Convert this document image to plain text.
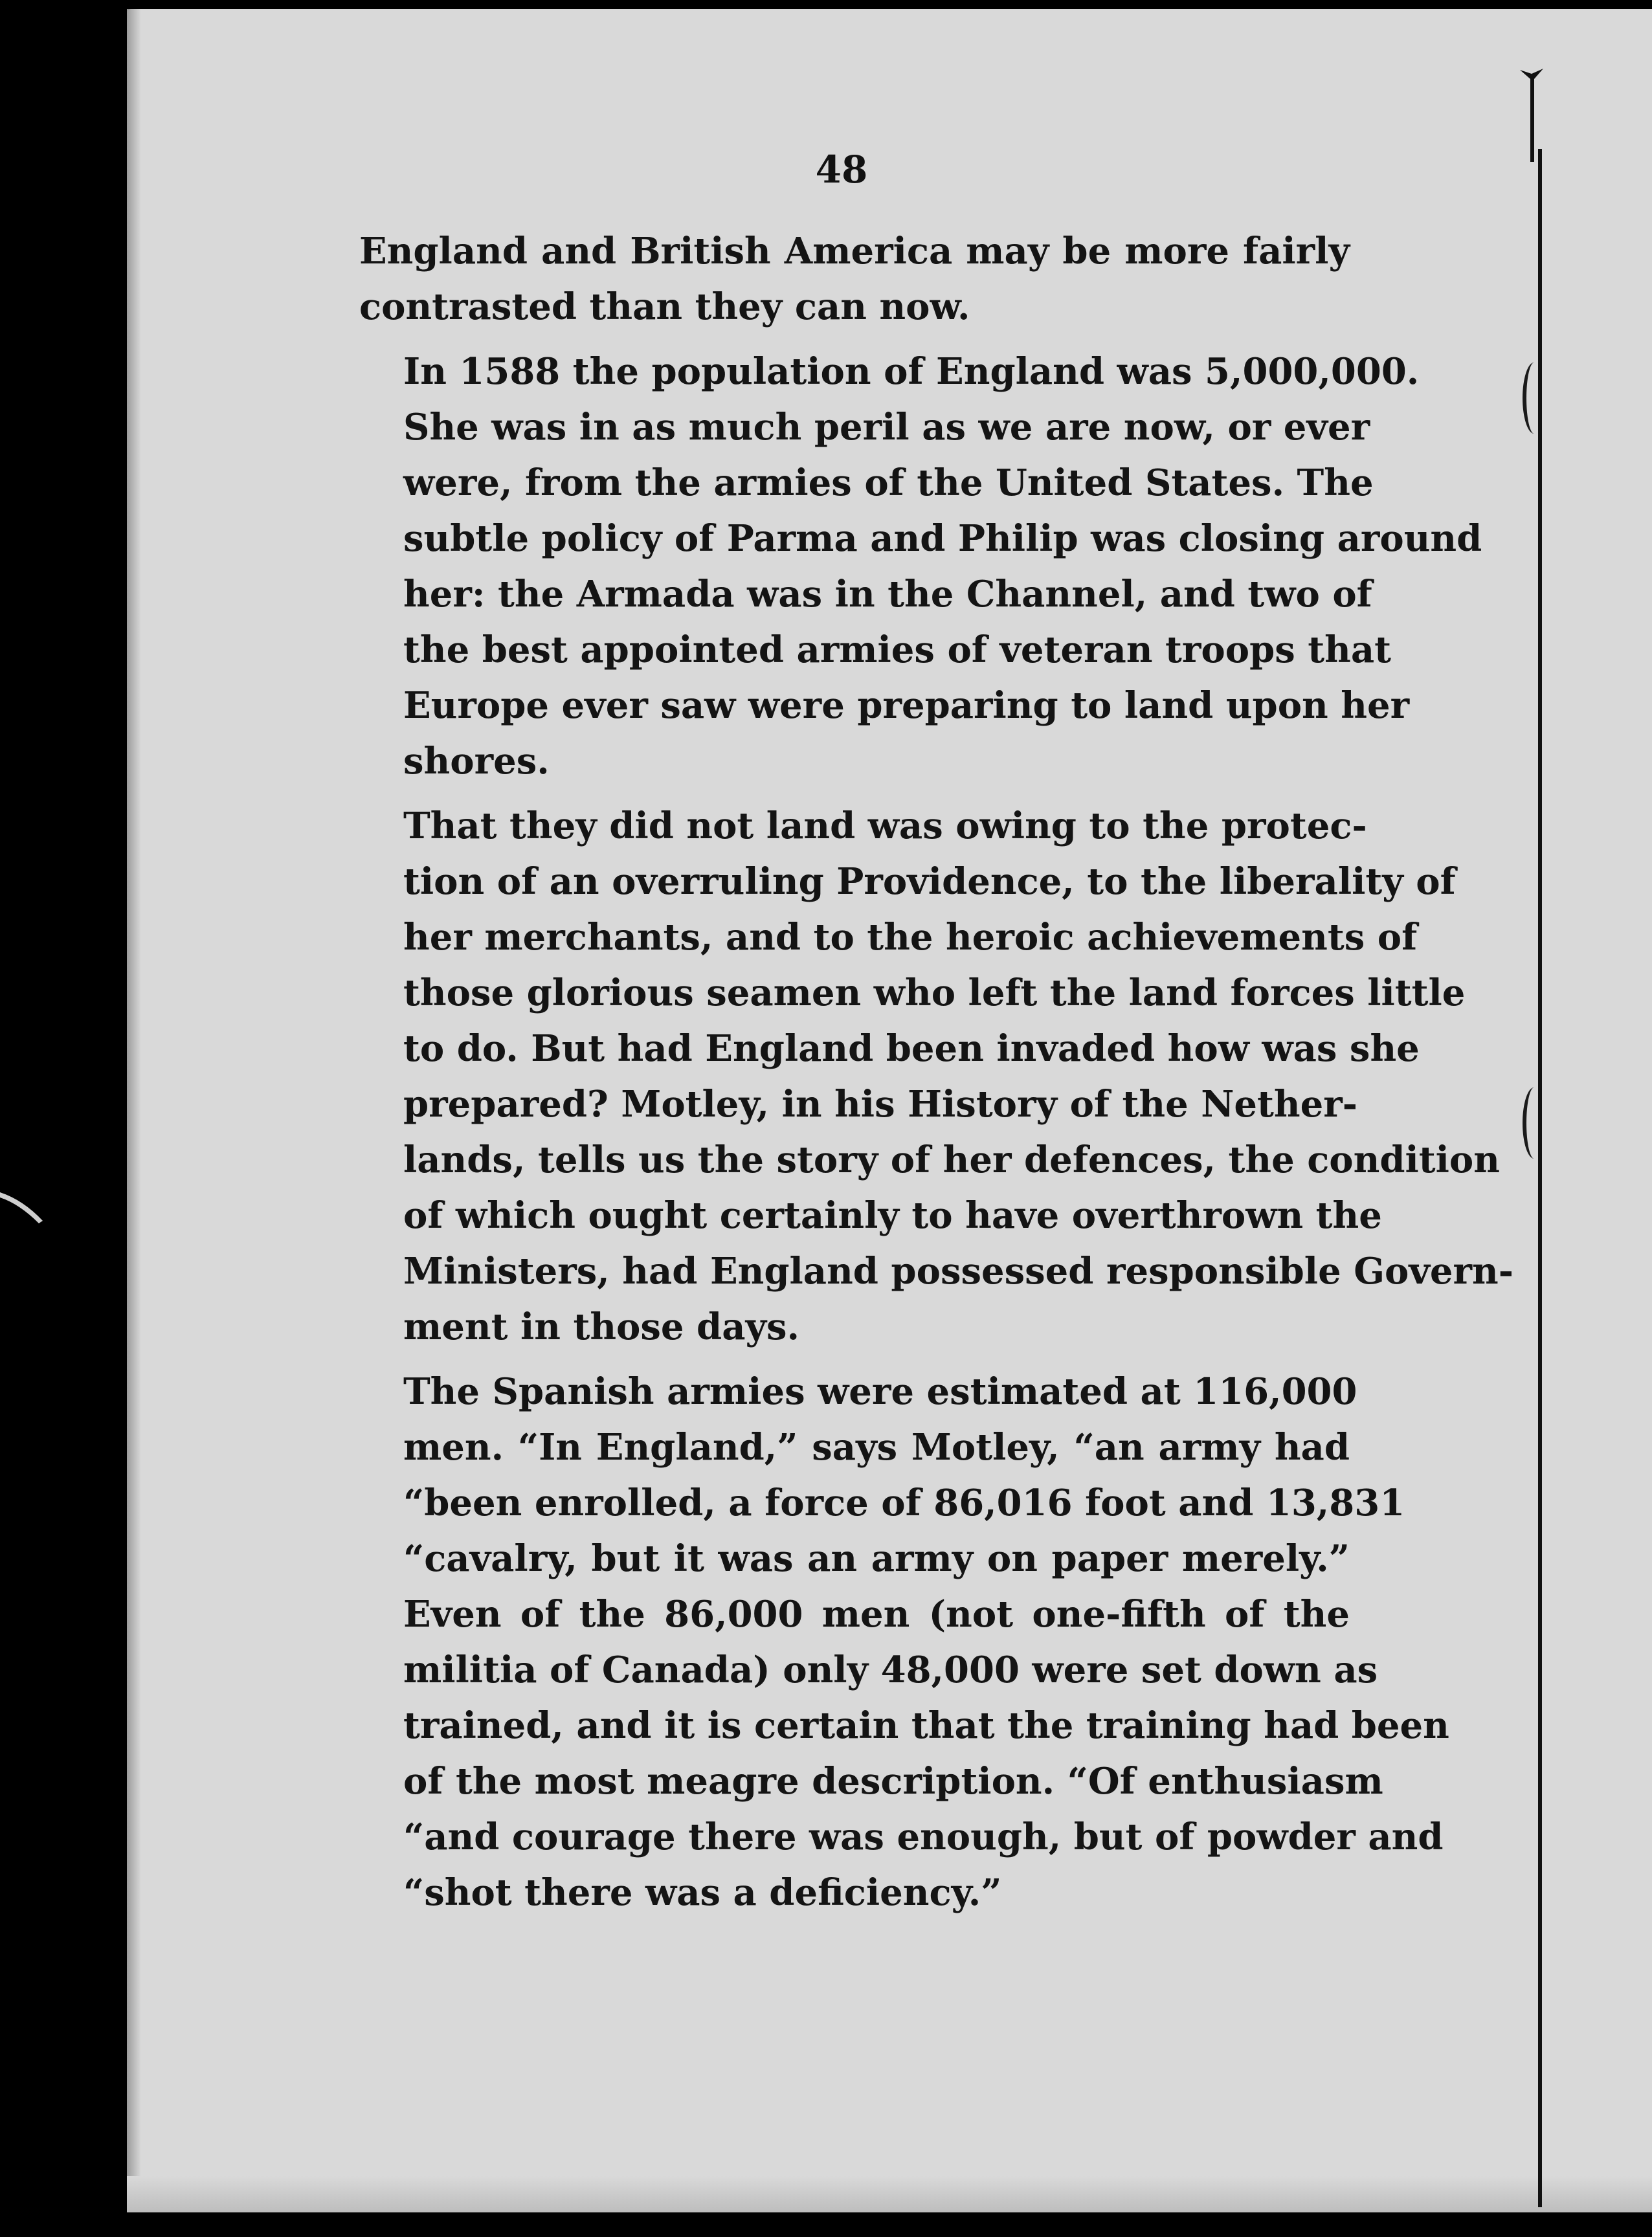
48

England and British America may be more fairly
contrasted than they can now.

In 1588 the population of England was 5,000,000.
She was in as much peril as we are now, or ever
were, from the armies of the United States. The
subtle policy of Parma and Philip was closing around
her: the Armada was in the Channel, and two of
the best appointed armies of veteran troops that
Europe ever saw were preparing to land upon her
shores.

That they did not land was owing to the protec-
tion of an overruling Providence, to the liberality of
her merchants, and to the heroic achievements of
those glorious seamen who left the land forces little
to do. But had England been invaded how was she
prepared? Motley, in his History of the Nether-
lands, tells us the story of her defences, the condition
of which ought certainly to have overthrown the
Ministers, had England possessed responsible Govern-
ment in those days.

The Spanish armies were estimated at 116,000
men. “In England,” says Motley, “an army had
“been enrolled, a force of 86,016 foot and 13,831
“cavalry, but it was an army on paper merely.”
Even of the 86,000 men (not one-fifth of the
militia of Canada) only 48,000 were set down as
trained, and it is certain that the training had been
of the most meagre description. “Of enthusiasm
“and courage there was enough, but of powder and
“shot there was a deficiency.”
